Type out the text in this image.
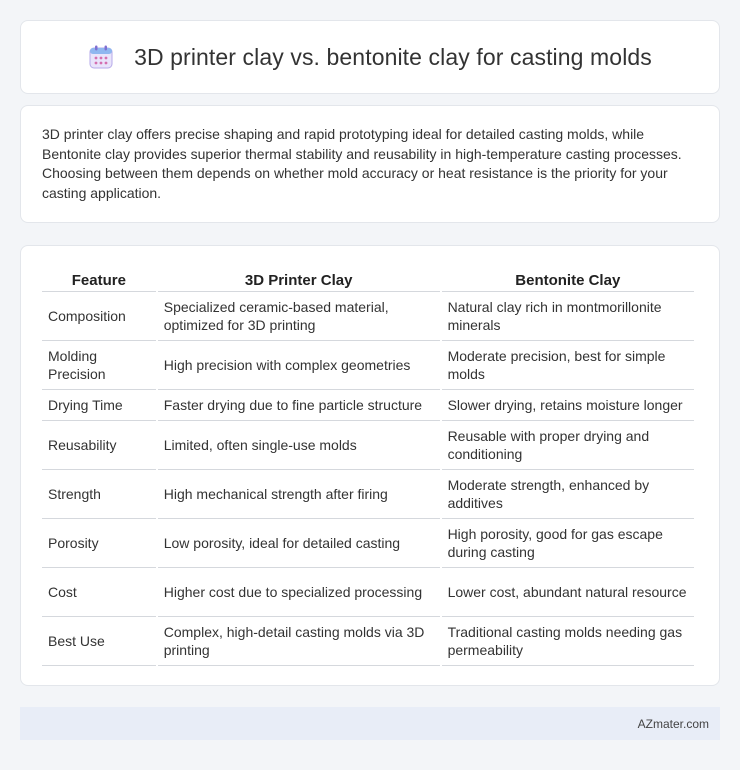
3D printer clay vs. bentonite clay for casting molds

3D printer clay offers precise shaping and rapid prototyping ideal for detailed casting molds, while Bentonite clay provides superior thermal stability and reusability in high-temperature casting processes. Choosing between them depends on whether mold accuracy or heat resistance is the priority for your casting application.

Feature	3D Printer Clay	Bentonite Clay
Composition	Specialized ceramic-based material, optimized for 3D printing	Natural clay rich in montmorillonite minerals
Molding Precision	High precision with complex geometries	Moderate precision, best for simple molds
Drying Time	Faster drying due to fine particle structure	Slower drying, retains moisture longer
Reusability	Limited, often single-use molds	Reusable with proper drying and conditioning
Strength	High mechanical strength after firing	Moderate strength, enhanced by additives
Porosity	Low porosity, ideal for detailed casting	High porosity, good for gas escape during casting
Cost	Higher cost due to specialized processing	Lower cost, abundant natural resource
Best Use	Complex, high-detail casting molds via 3D printing	Traditional casting molds needing gas permeability
AZmater.com
